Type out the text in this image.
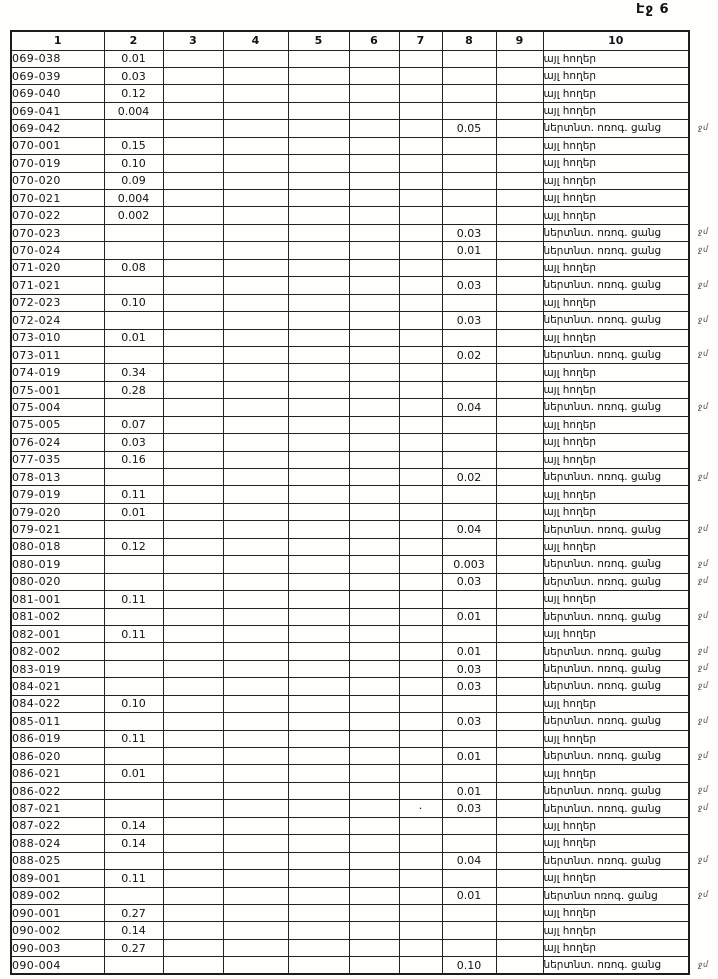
Էջ 6
1	2	3	4	5	6	7	8	9	10
069-038	0.01								այլ հողեր
069-039	0.03								այլ հողեր
069-040	0.12								այլ հողեր
069-041	0.004								այլ հողեր
069-042							0.05		ներտնտ. ոռոգ. ցանց
070-001	0.15								այլ հողեր
070-019	0.10								այլ հողեր
070-020	0.09								այլ հողեր
070-021	0.004								այլ հողեր
070-022	0.002								այլ հողեր
070-023							0.03		ներտնտ. ոռոգ. ցանց
070-024							0.01		ներտնտ. ոռոգ. ցանց
071-020	0.08								այլ հողեր
071-021							0.03		ներտնտ. ոռոգ. ցանց
072-023	0.10								այլ հողեր
072-024							0.03		ներտնտ. ոռոգ. ցանց
073-010	0.01								այլ հողեր
073-011							0.02		ներտնտ. ոռոգ. ցանց
074-019	0.34								այլ հողեր
075-001	0.28								այլ հողեր
075-004							0.04		ներտնտ. ոռոգ. ցանց
075-005	0.07								այլ հողեր
076-024	0.03								այլ հողեր
077-035	0.16								այլ հողեր
078-013							0.02		ներտնտ. ոռոգ. ցանց
079-019	0.11								այլ հողեր
079-020	0.01								այլ հողեր
079-021							0.04		ներտնտ. ոռոգ. ցանց
080-018	0.12								այլ հողեր
080-019							0.003		ներտնտ. ոռոգ. ցանց
080-020							0.03		ներտնտ. ոռոգ. ցանց
081-001	0.11								այլ հողեր
081-002							0.01		ներտնտ. ոռոգ. ցանց
082-001	0.11								այլ հողեր
082-002							0.01		ներտնտ. ոռոգ. ցանց
083-019							0.03		ներտնտ. ոռոգ. ցանց
084-021							0.03		ներտնտ. ոռոգ. ցանց
084-022	0.10								այլ հողեր
085-011							0.03		ներտնտ. ոռոգ. ցանց
086-019	0.11								այլ հողեր
086-020							0.01		ներտնտ. ոռոգ. ցանց
086-021	0.01								այլ հողեր
086-022							0.01		ներտնտ. ոռոգ. ցանց
087-021						·	0.03		ներտնտ. ոռոգ. ցանց
087-022	0.14								այլ հողեր
088-024	0.14								այլ հողեր
088-025							0.04		ներտնտ. ոռոգ. ցանց
089-001	0.11								այլ հողեր
089-002							0.01		ներտնտ ոռոգ. ցանց
090-001	0.27								այլ հողեր
090-002	0.14								այլ հողեր
090-003	0.27								այլ հողեր
090-004							0.10		ներտնտ. ոռոգ. ցանց
ջմ
ջմ
ջմ
ջմ
ջմ
ջմ
ջմ
ջմ
ջմ
ջմ
ջմ
ջմ
ջմ
ջմ
ջմ
ջմ
ջմ
ջմ
ջմ
ջմ
ջմ
ջմ
